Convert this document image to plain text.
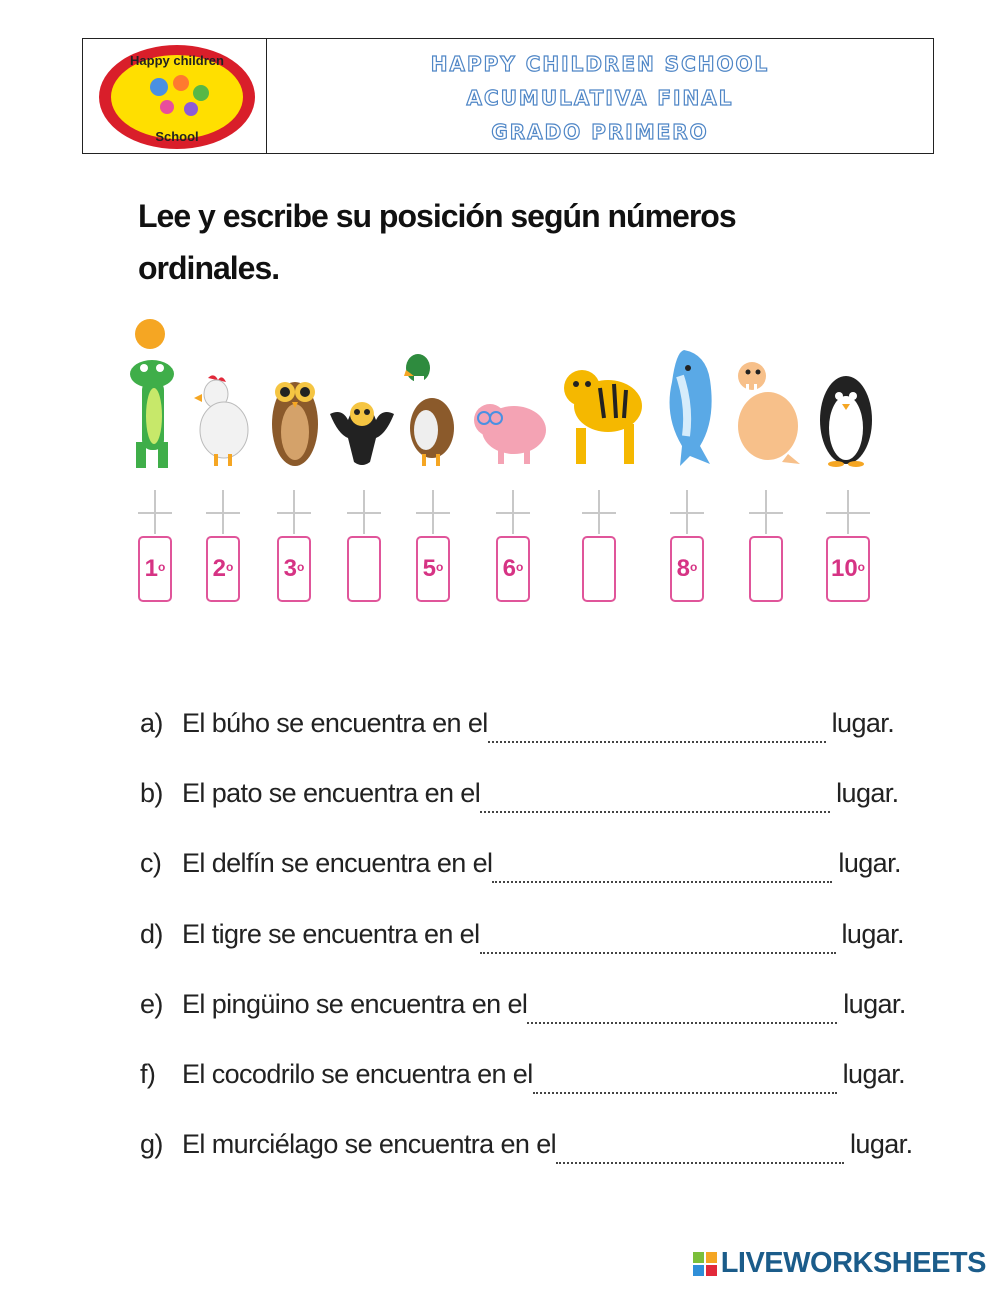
Happy children
School
HAPPY CHILDREN SCHOOL
ACUMULATIVA FINAL
GRADO PRIMERO
Lee y escribe su posición según números ordinales.
1$^o$ 2$^o$ 3$^o$	5$^o$ 6$^o$	8$^o$	10$^o$
a) El búho se encuentra en el	lugar.
b) El pato se encuentra en el	lugar.
c) El delfín se encuentra en el	lugar.
d) El tigre se encuentra en el	lugar.
e) El pingüino se encuentra en el	lugar.
f) El cocodrilo se encuentra en el	lugar.
g) El murciélago se encuentra en el	lugar.
LIVEWORKSHEETS
